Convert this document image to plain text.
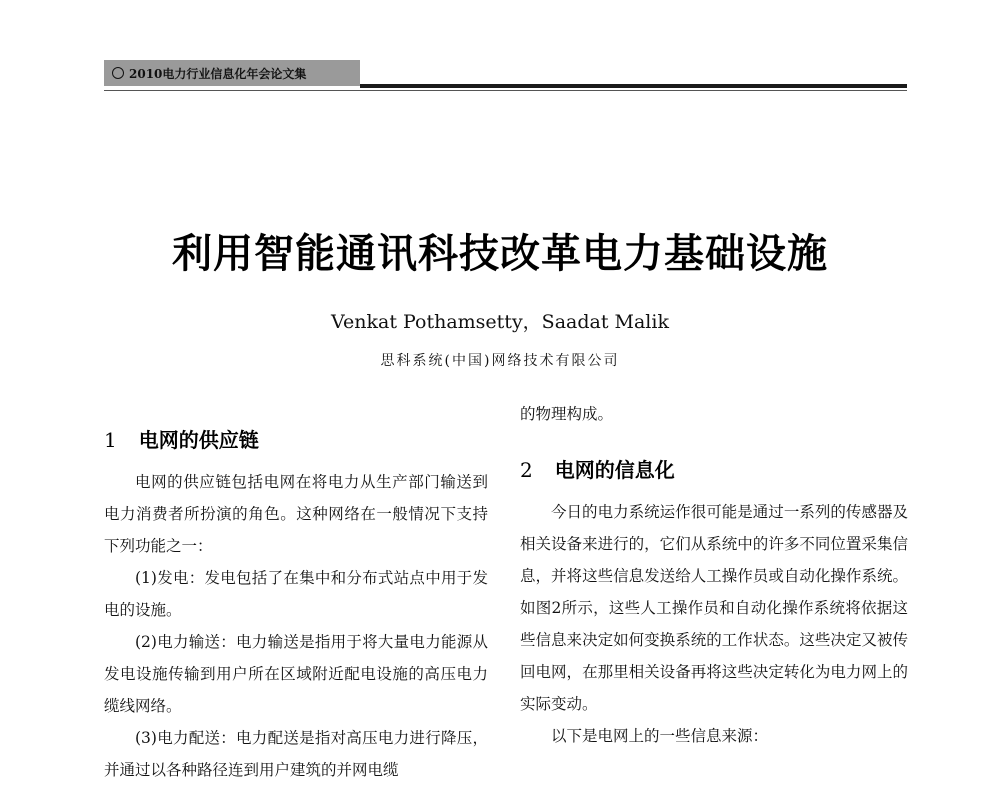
2010电力行业信息化年会论文集
利用智能通讯科技改革电力基础设施
Venkat Pothamsetty，Saadat Malik
思科系统(中国)网络技术有限公司
1 电网的供应链

电网的供应链包括电网在将电力从生产部门输送到电力消费者所扮演的角色。这种网络在一般情况下支持下列功能之一：

(1)发电：发电包括了在集中和分布式站点中用于发电的设施。

(2)电力输送：电力输送是指用于将大量电力能源从发电设施传输到用户所在区域附近配电设施的高压电力缆线网络。

(3)电力配送：电力配送是指对高压电力进行降压，并通过以各种路径连到用户建筑的并网电缆

的物理构成。

2 电网的信息化

今日的电力系统运作很可能是通过一系列的传感器及相关设备来进行的，它们从系统中的许多不同位置采集信息，并将这些信息发送给人工操作员或自动化操作系统。如图2所示，这些人工操作员和自动化操作系统将依据这些信息来决定如何变换系统的工作状态。这些决定又被传回电网，在那里相关设备再将这些决定转化为电力网上的实际变动。

以下是电网上的一些信息来源：
